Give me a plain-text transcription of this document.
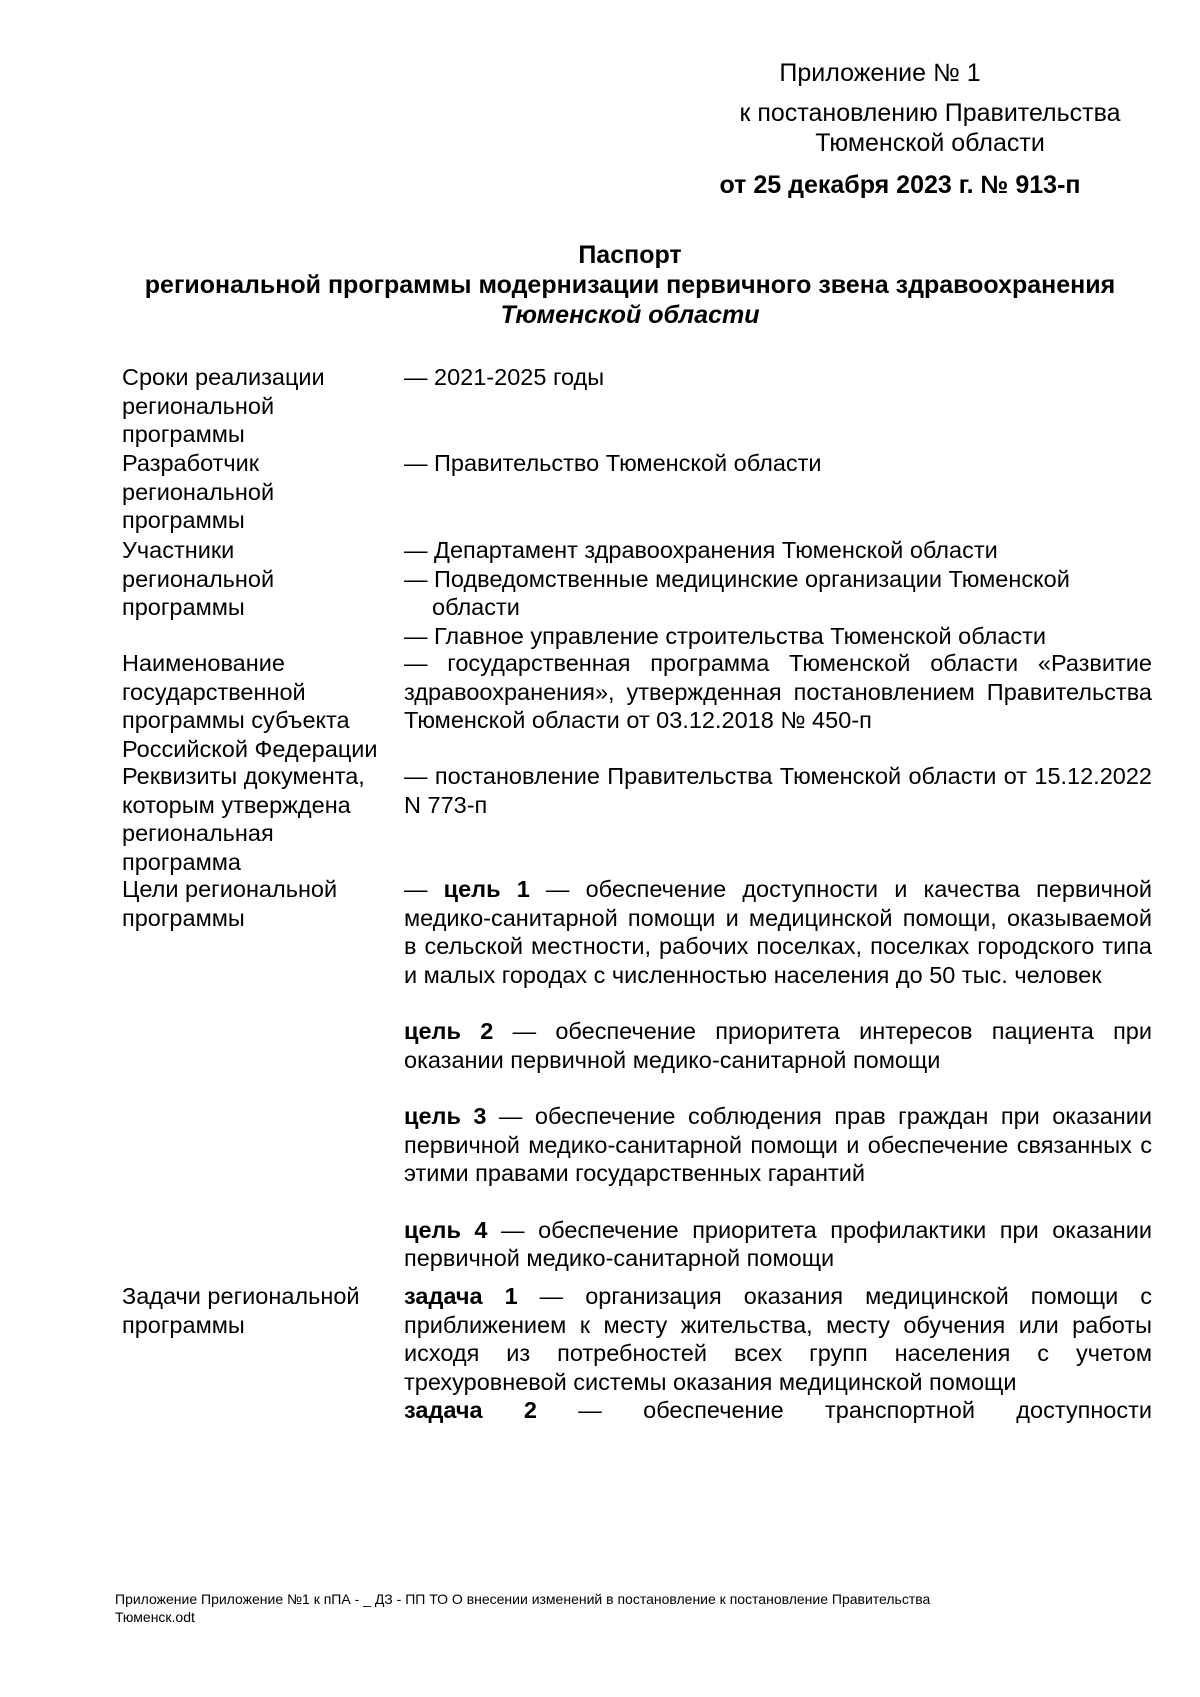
Приложение № 1
к постановлению Правительства
Тюменской области
от 25 декабря 2023 г. № 913-п
Паспорт
региональной программы модернизации первичного звена здравоохранения
Тюменской области
Сроки реализации региональной программы
— 2021-2025 годы
Разработчик региональной программы
— Правительство Тюменской области
Участники региональной программы

— Департамент здравоохранения Тюменской области

— Подведомственные медицинские организации Тюменской

области

— Главное управление строительства Тюменской области

Наименование государственной программы субъекта Российской Федерации
— государственная программа Тюменской области «Развитие здравоохранения», утвержденная постановлением Правительства Тюменской области от 03.12.2018 № 450-п
Реквизиты документа, которым утверждена региональная программа
— постановление Правительства Тюменской области от 15.12.2022 N 773-п
Цели региональной программы

— цель 1 — обеспечение доступности и качества первичной медико-санитарной помощи и медицинской помощи, оказываемой в сельской местности, рабочих поселках, поселках городского типа и малых городах с численностью населения до 50 тыс. человек

цель 2 — обеспечение приоритета интересов пациента при оказании первичной медико-санитарной помощи

цель 3 — обеспечение соблюдения прав граждан при оказании первичной медико-санитарной помощи и обеспечение связанных с этими правами государственных гарантий

цель 4 — обеспечение приоритета профилактики при оказании первичной медико-санитарной помощи

Задачи региональной программы

задача 1 — организация оказания медицинской помощи с приближением к месту жительства, месту обучения или работы исходя из потребностей всех групп населения с учетом трехуровневой системы оказания медицинской помощи

задача 2 — обеспечение транспортной доступности

Приложение Приложение №1 к пПА - _ ДЗ - ПП ТО О внесении изменений в постановление к постановление Правительства
Тюменск.odt
